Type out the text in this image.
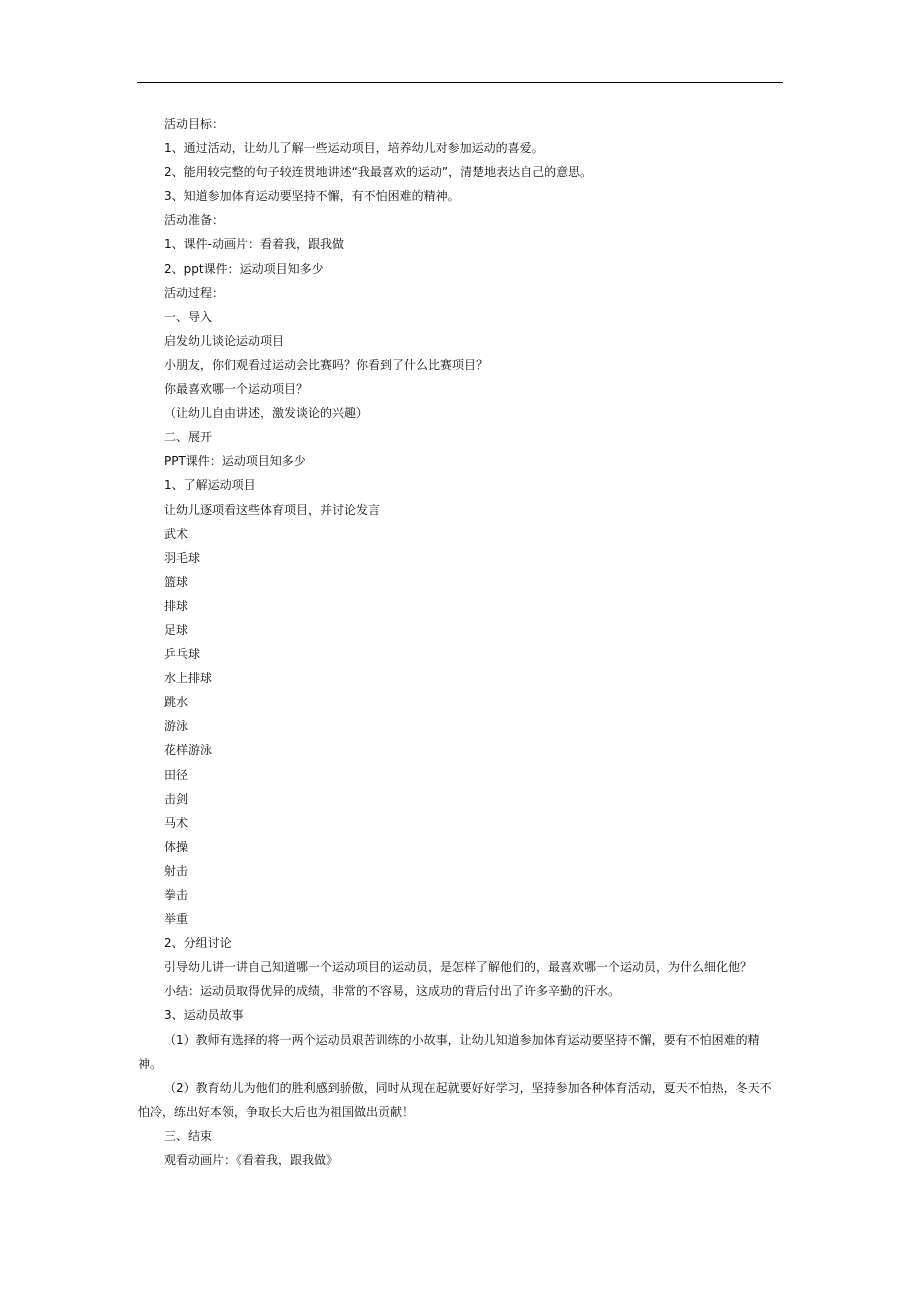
活动目标：
1、通过活动，让幼儿了解一些运动项目，培养幼儿对参加运动的喜爱。
2、能用较完整的句子较连贯地讲述“我最喜欢的运动”，清楚地表达自己的意思。
3、知道参加体育运动要坚持不懈，有不怕困难的精神。
活动准备：
1、课件-动画片：看着我，跟我做
2、ppt课件：运动项目知多少
活动过程：
一、导入
启发幼儿谈论运动项目
小朋友，你们观看过运动会比赛吗？你看到了什么比赛项目？
你最喜欢哪一个运动项目？
（让幼儿自由讲述，激发谈论的兴趣）
二、展开
PPT课件：运动项目知多少
1、了解运动项目
让幼儿逐项看这些体育项目，并讨论发言
武术
羽毛球
篮球
排球
足球
乒乓球
水上排球
跳水
游泳
花样游泳
田径
击剑
马术
体操
射击
拳击
举重
2、分组讨论
引导幼儿讲一讲自己知道哪一个运动项目的运动员，是怎样了解他们的，最喜欢哪一个运动员，为什么细化他？
小结：运动员取得优异的成绩，非常的不容易，这成功的背后付出了许多辛勤的汗水。
3、运动员故事
（1）教师有选择的将一两个运动员艰苦训练的小故事，让幼儿知道参加体育运动要坚持不懈，要有不怕困难的精神。
（2）教育幼儿为他们的胜利感到骄傲，同时从现在起就要好好学习，坚持参加各种体育活动，夏天不怕热，冬天不怕冷，练出好本领，争取长大后也为祖国做出贡献！
三、结束
观看动画片：《看着我，跟我做》
